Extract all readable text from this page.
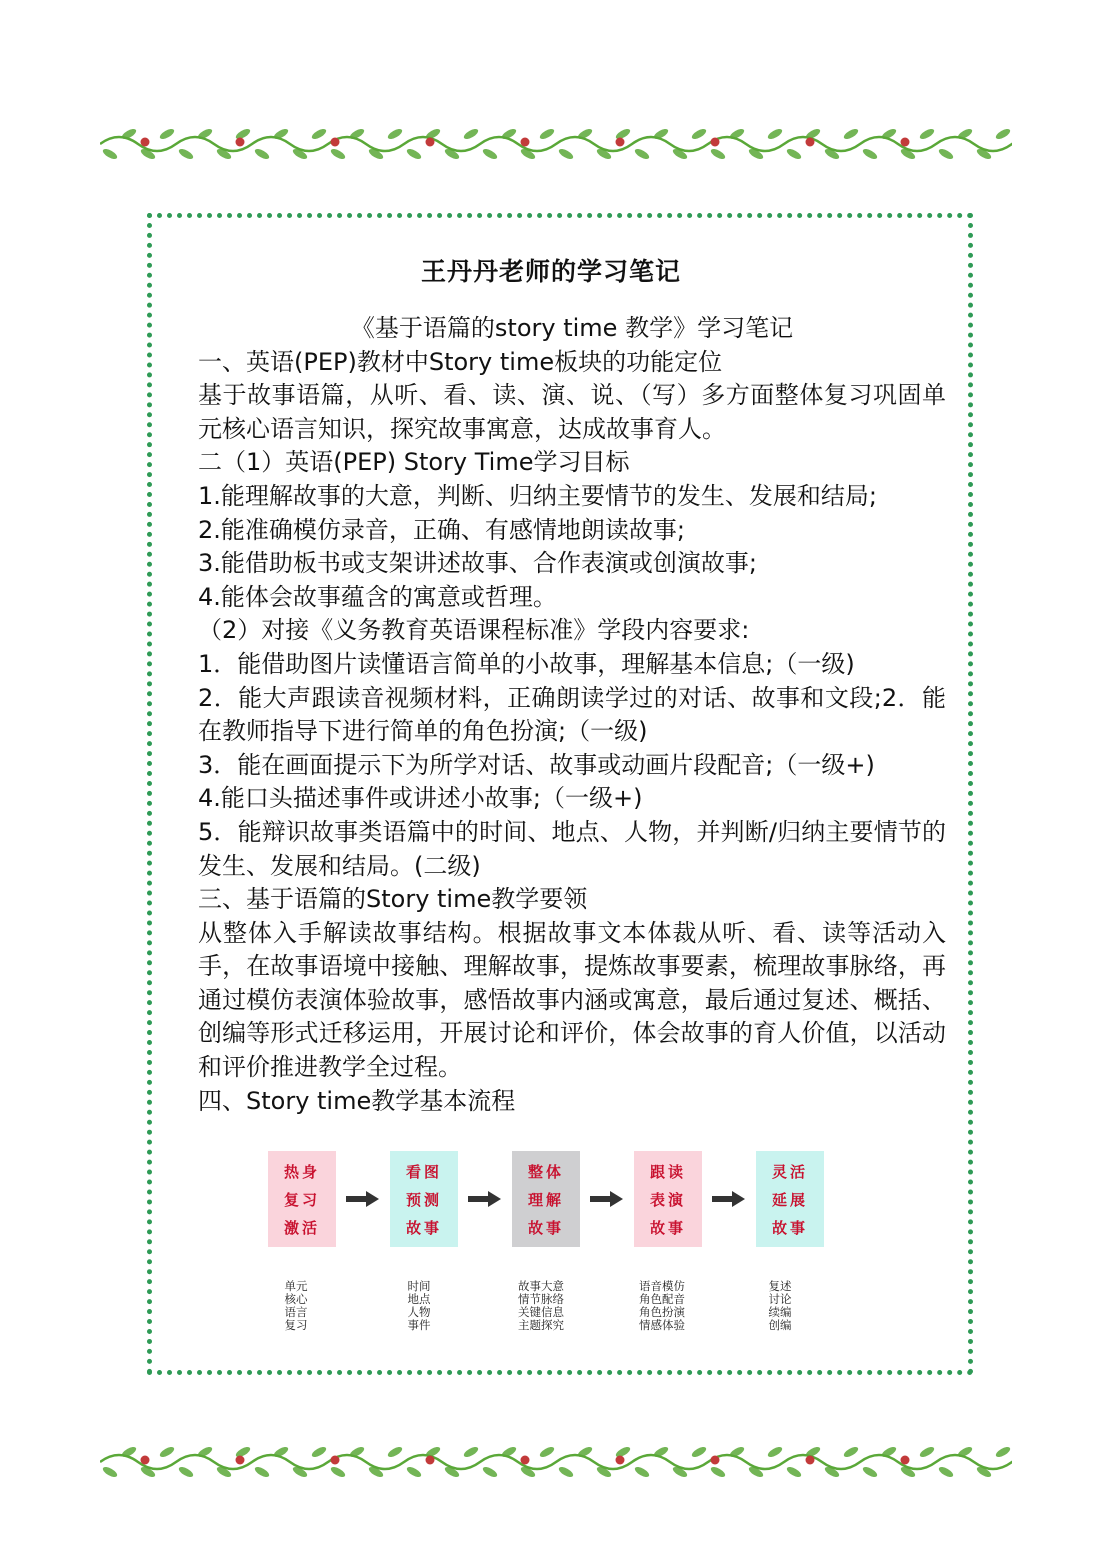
王丹丹老师的学习笔记

《基于语篇的story time 教学》学习笔记

一、英语(PEP)教材中Story time板块的功能定位

基于故事语篇，从听、看、读、演、说、（写）多方面整体复习巩固单元核心语言知识，探究故事寓意，达成故事育人。

二（1）英语(PEP) Story Time学习目标

1.能理解故事的大意，判断、归纳主要情节的发生、发展和结局;

2.能准确模仿录音，正确、有感情地朗读故事;

3.能借助板书或支架讲述故事、合作表演或创演故事;

4.能体会故事蕴含的寓意或哲理。

（2）对接《义务教育英语课程标准》学段内容要求:

1．能借助图片读懂语言简单的小故事，理解基本信息;（一级)

2．能大声跟读音视频材料，正确朗读学过的对话、故事和文段;2．能在教师指导下进行简单的角色扮演;（一级)

3．能在画面提示下为所学对话、故事或动画片段配音;（一级+)

4.能口头描述事件或讲述小故事;（一级+)

5．能辩识故事类语篇中的时间、地点、人物，并判断/归纳主要情节的发生、发展和结局。(二级)

三、基于语篇的Story time教学要领

从整体入手解读故事结构。根据故事文本体裁从听、看、读等活动入手，在故事语境中接触、理解故事，提炼故事要素，梳理故事脉络，再通过模仿表演体验故事，感悟故事内涵或寓意，最后通过复述、概括、创编等形式迁移运用，开展讨论和评价，体会故事的育人价值，以活动和评价推进教学全过程。

四、Story time教学基本流程

热身
复习
激活
看图
预测
故事
整体
理解
故事
跟读
表演
故事
灵活
延展
故事
单元
核心
语言
复习
时间
地点
人物
事件
故事大意
情节脉络
关键信息
主题探究
语音模仿
角色配音
角色扮演
情感体验
复述
讨论
续编
创编
